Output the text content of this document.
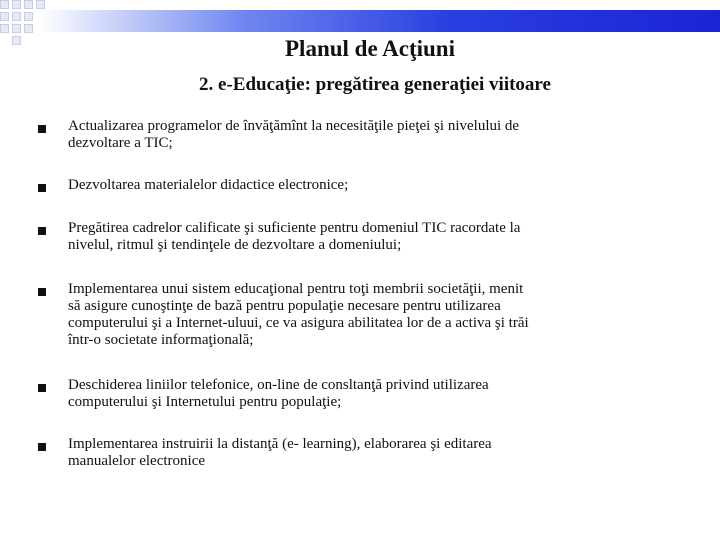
Planul de Acţiuni
2. e-Educaţie: pregătirea generaţiei viitoare
Actualizarea programelor de învăţămînt la necesităţile pieţei şi nivelului de
dezvoltare a TIC;
Dezvoltarea materialelor didactice electronice;
Pregătirea cadrelor calificate şi suficiente pentru domeniul TIC racordate la
nivelul, ritmul şi tendinţele de dezvoltare a domeniului;
Implementarea unui sistem educaţional pentru toţi membrii societăţii, menit
să asigure cunoştinţe de bază pentru populaţie necesare pentru utilizarea
computerului şi a Internet-uluui, ce va asigura abilitatea lor de a activa şi trăi
într-o societate informaţională;
Deschiderea liniilor telefonice, on-line de consltanţă privind utilizarea
computerului şi Internetului pentru populaţie;
Implementarea instruirii la distanţă (e- learning), elaborarea şi editarea
manualelor electronice
